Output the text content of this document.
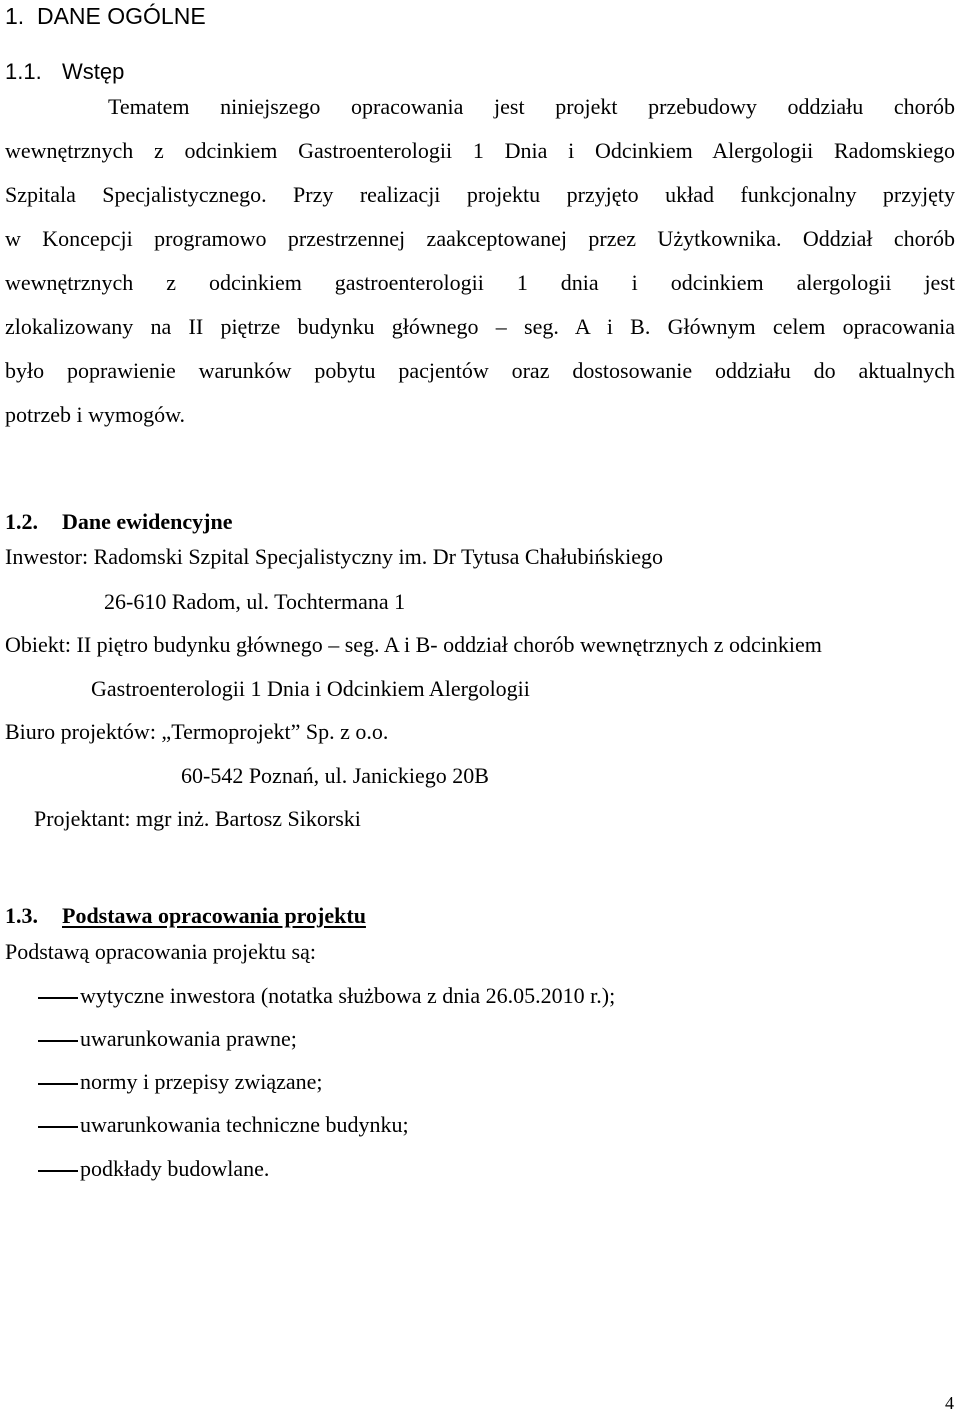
1. DANE OGÓLNE
1.1. Wstęp
Tematem niniejszego opracowania jest projekt przebudowy oddziału chorób
wewnętrznych z odcinkiem Gastroenterologii 1 Dnia i Odcinkiem Alergologii Radomskiego
Szpitala Specjalistycznego. Przy realizacji projektu przyjęto układ funkcjonalny przyjęty
w Koncepcji programowo przestrzennej zaakceptowanej przez Użytkownika. Oddział chorób
wewnętrznych z odcinkiem gastroenterologii 1 dnia i odcinkiem alergologii jest
zlokalizowany na II piętrze budynku głównego – seg. A i B. Głównym celem opracowania
było poprawienie warunków pobytu pacjentów oraz dostosowanie oddziału do aktualnych
potrzeb i wymogów.
1.2. Dane ewidencyjne
Inwestor: Radomski Szpital Specjalistyczny im. Dr Tytusa Chałubińskiego
26-610 Radom, ul. Tochtermana 1
Obiekt: II piętro budynku głównego – seg. A i B- oddział chorób wewnętrznych z odcinkiem
Gastroenterologii 1 Dnia i Odcinkiem Alergologii
Biuro projektów: „Termoprojekt” Sp. z o.o.
60-542 Poznań, ul. Janickiego 20B
Projektant: mgr inż. Bartosz Sikorski
1.3. Podstawa opracowania projektu
Podstawą opracowania projektu są:
wytyczne inwestora (notatka służbowa z dnia 26.05.2010 r.);
uwarunkowania prawne;
normy i przepisy związane;
uwarunkowania techniczne budynku;
podkłady budowlane.
4
